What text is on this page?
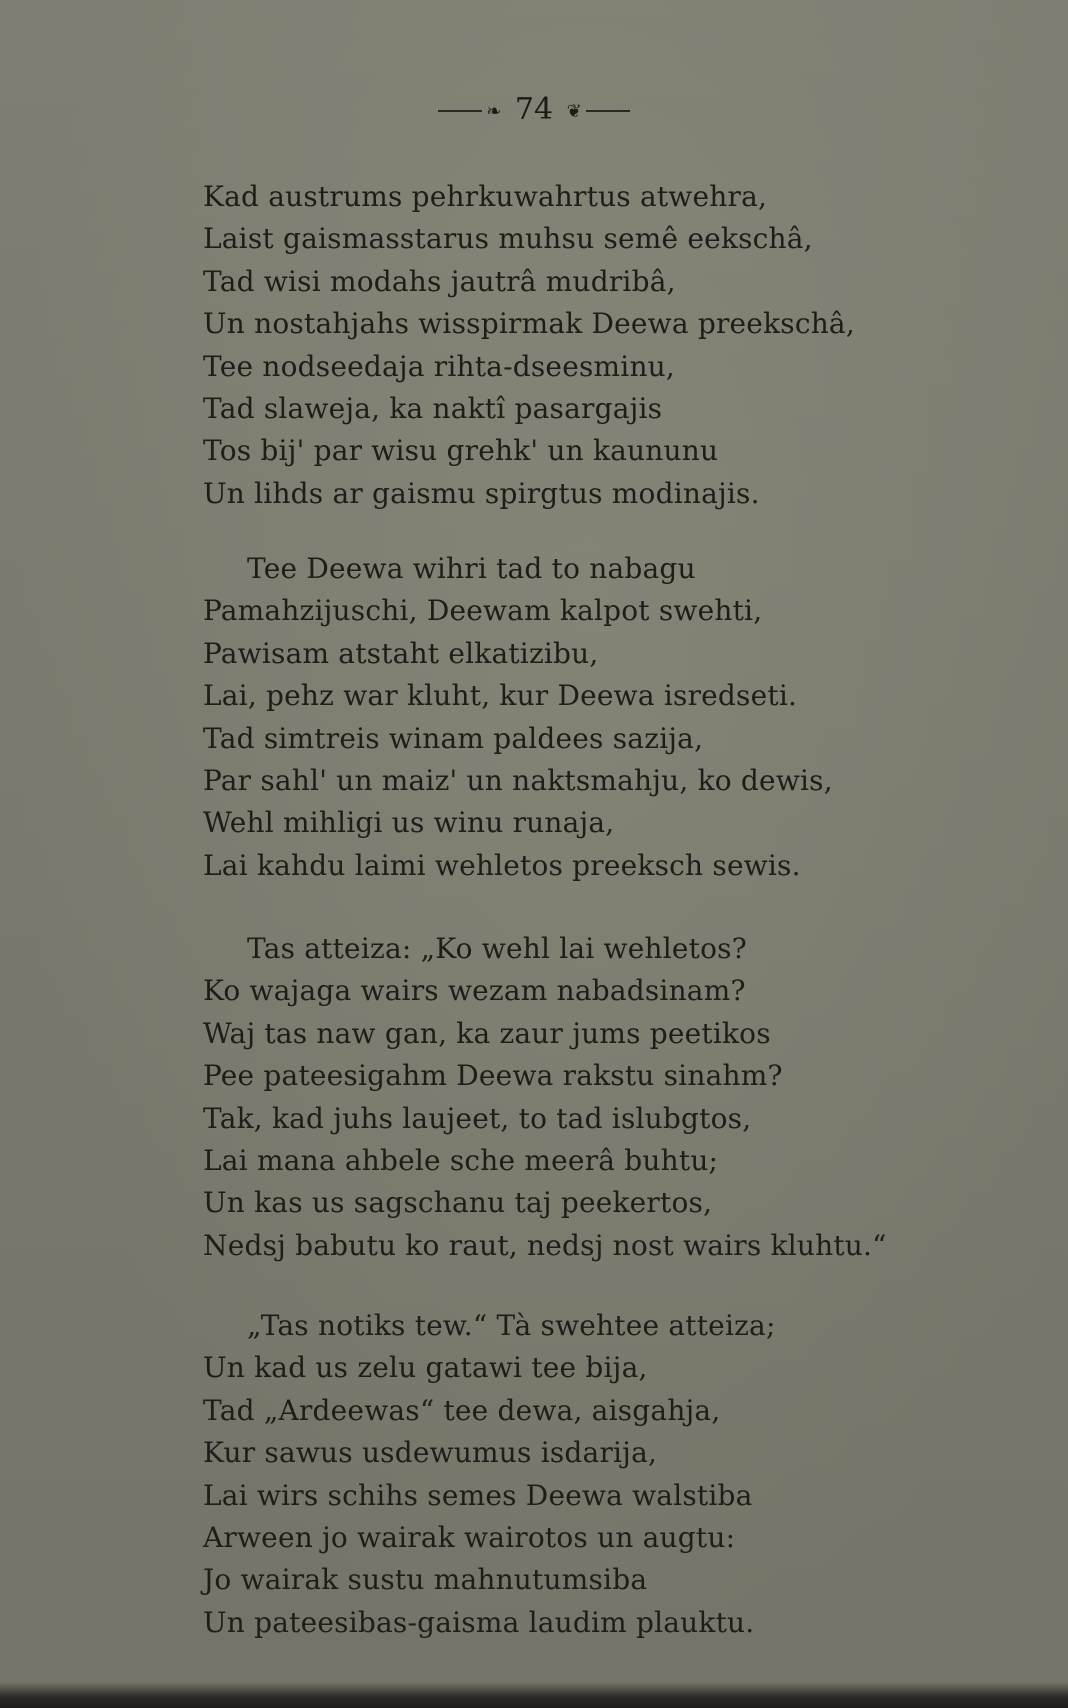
❧ 74 ❦
Kad austrums pehrkuwahrtus atwehra,
Laist gaismasstarus muhsu semê eekschâ,
Tad wisi modahs jautrâ mudribâ,
Un nostahjahs wisspirmak Deewa preekschâ,
Tee nodseedaja rihta-dseesminu,
Tad slaweja, ka naktî pasargajis
Tos bij' par wisu grehk' un kaununu
Un lihds ar gaismu spirgtus modinajis.
Tee Deewa wihri tad to nabagu
Pamahzijuschi, Deewam kalpot swehti,
Pawisam atstaht elkatizibu,
Lai, pehz war kluht, kur Deewa isredseti.
Tad simtreis winam paldees sazija,
Par sahl' un maiz' un naktsmahju, ko dewis,
Wehl mihligi us winu runaja,
Lai kahdu laimi wehletos preeksch sewis.
Tas atteiza: „Ko wehl lai wehletos?
Ko wajaga wairs wezam nabadsinam?
Waj tas naw gan, ka zaur jums peetikos
Pee pateesigahm Deewa rakstu sinahm?
Tak, kad juhs laujeet, to tad islubgtos,
Lai mana ahbele sche meerâ buhtu;
Un kas us sagschanu taj peekertos,
Nedsj babutu ko raut, nedsj nost wairs kluhtu.“
„Tas notiks tew.“ Tà swehtee atteiza;
Un kad us zelu gatawi tee bija,
Tad „Ardeewas“ tee dewa, aisgahja,
Kur sawus usdewumus isdarija,
Lai wirs schihs semes Deewa walstiba
Arween jo wairak wairotos un augtu:
Jo wairak sustu mahnutumsiba
Un pateesibas-gaisma laudim plauktu.
